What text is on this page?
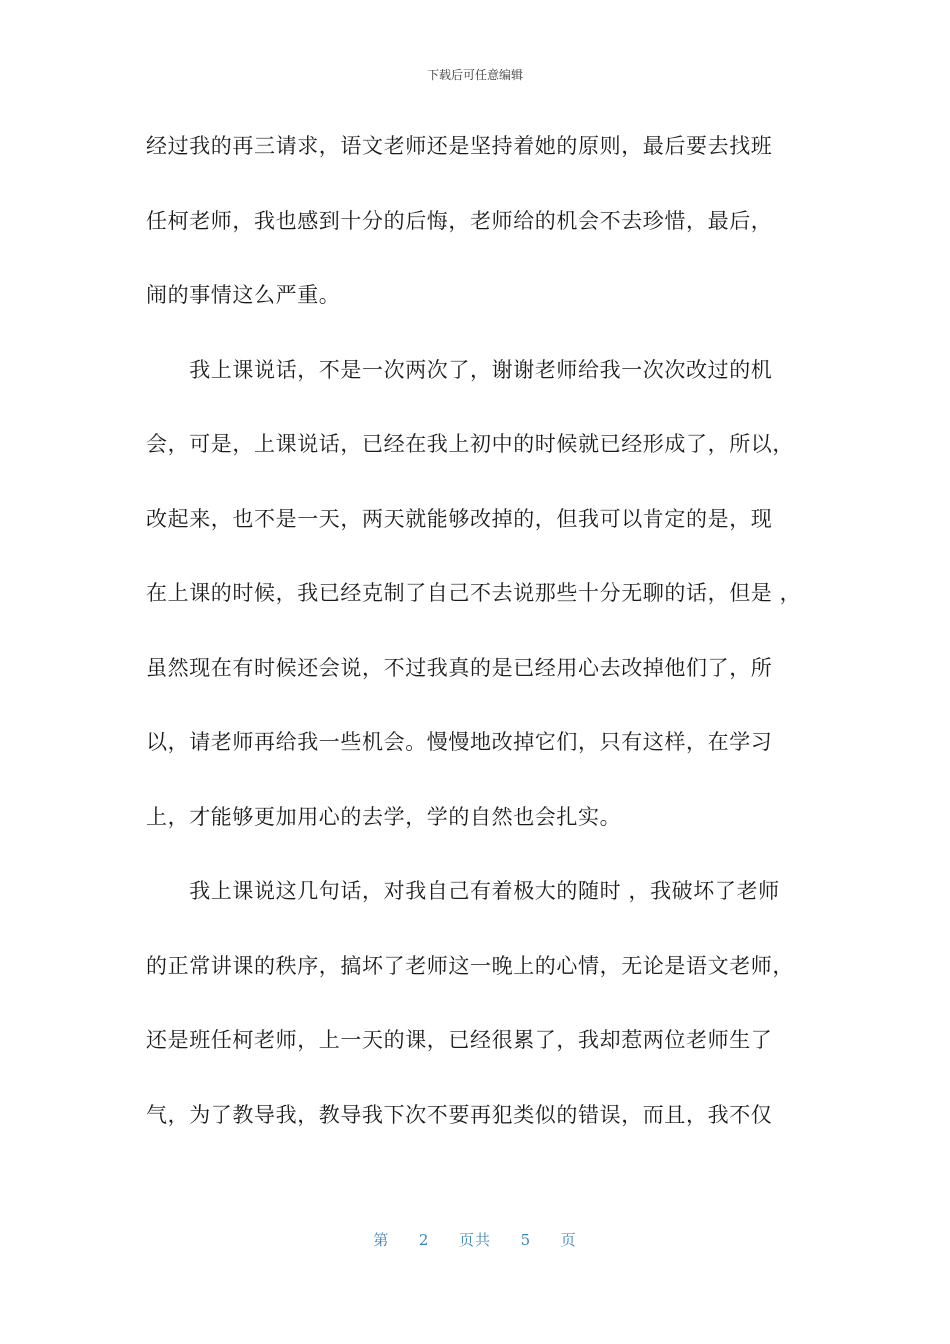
下载后可任意编辑
经过我的再三请求，语文老师还是坚持着她的原则，最后要去找班
任柯老师，我也感到十分的后悔，老师给的机会不去珍惜，最后，
闹的事情这么严重。
　　我上课说话，不是一次两次了，谢谢老师给我一次次改过的机
会，可是，上课说话，已经在我上初中的时候就已经形成了，所以，
改起来，也不是一天，两天就能够改掉的，但我可以肯定的是，现
在上课的时候，我已经克制了自己不去说那些十分无聊的话，但是 ，
虽然现在有时候还会说，不过我真的是已经用心去改掉他们了，所
以，请老师再给我一些机会。慢慢地改掉它们，只有这样，在学习
上，才能够更加用心的去学，学的自然也会扎实。
　　我上课说这几句话，对我自己有着极大的随时 ，我破坏了老师
的正常讲课的秩序，搞坏了老师这一晚上的心情，无论是语文老师，
还是班任柯老师，上一天的课，已经很累了，我却惹两位老师生了
气，为了教导我，教导我下次不要再犯类似的错误，而且，我不仅
第 2 页共 5 页
